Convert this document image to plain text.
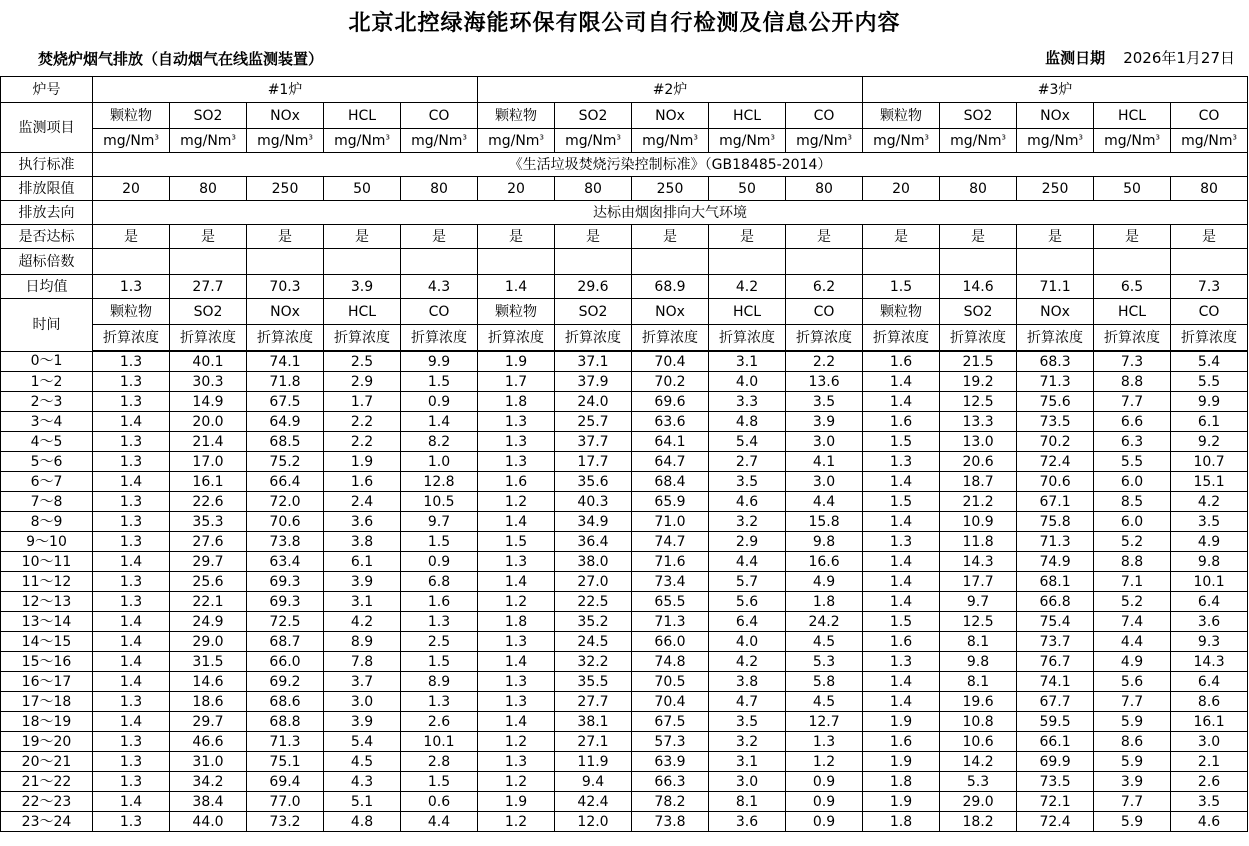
北京北控绿海能环保有限公司自行检测及信息公开内容
焚烧炉烟气排放（自动烟气在线监测装置）	监测日期 2026年1月27日
炉号	#1炉					#2炉					#3炉				
监测项目	颗粒物	SO2	NOx	HCL	CO	颗粒物	SO2	NOx	HCL	CO	颗粒物	SO2	NOx	HCL	CO
	mg/Nm$^3$	mg/Nm$^3$	mg/Nm$^3$	mg/Nm$^3$	mg/Nm$^3$	mg/Nm$^3$	mg/Nm$^3$	mg/Nm$^3$	mg/Nm$^3$	mg/Nm$^3$	mg/Nm$^3$	mg/Nm$^3$	mg/Nm$^3$	mg/Nm$^3$	mg/Nm$^3$
执行标准	《生活垃圾焚烧污染控制标准》（GB18485-2014）														
排放限值	20	80	250	50	80	20	80	250	50	80	20	80	250	50	80
排放去向	达标由烟囱排向大气环境														
是否达标	是	是	是	是	是	是	是	是	是	是	是	是	是	是	是
超标倍数															
日均值	1.3	27.7	70.3	3.9	4.3	1.4	29.6	68.9	4.2	6.2	1.5	14.6	71.1	6.5	7.3
时间	颗粒物	SO2	NOx	HCL	CO	颗粒物	SO2	NOx	HCL	CO	颗粒物	SO2	NOx	HCL	CO
	折算浓度	折算浓度	折算浓度	折算浓度	折算浓度	折算浓度	折算浓度	折算浓度	折算浓度	折算浓度	折算浓度	折算浓度	折算浓度	折算浓度	折算浓度
0～1	1.3	40.1	74.1	2.5	9.9	1.9	37.1	70.4	3.1	2.2	1.6	21.5	68.3	7.3	5.4
1～2	1.3	30.3	71.8	2.9	1.5	1.7	37.9	70.2	4.0	13.6	1.4	19.2	71.3	8.8	5.5
2～3	1.3	14.9	67.5	1.7	0.9	1.8	24.0	69.6	3.3	3.5	1.4	12.5	75.6	7.7	9.9
3～4	1.4	20.0	64.9	2.2	1.4	1.3	25.7	63.6	4.8	3.9	1.6	13.3	73.5	6.6	6.1
4～5	1.3	21.4	68.5	2.2	8.2	1.3	37.7	64.1	5.4	3.0	1.5	13.0	70.2	6.3	9.2
5～6	1.3	17.0	75.2	1.9	1.0	1.3	17.7	64.7	2.7	4.1	1.3	20.6	72.4	5.5	10.7
6～7	1.4	16.1	66.4	1.6	12.8	1.6	35.6	68.4	3.5	3.0	1.4	18.7	70.6	6.0	15.1
7～8	1.3	22.6	72.0	2.4	10.5	1.2	40.3	65.9	4.6	4.4	1.5	21.2	67.1	8.5	4.2
8～9	1.3	35.3	70.6	3.6	9.7	1.4	34.9	71.0	3.2	15.8	1.4	10.9	75.8	6.0	3.5
9～10	1.3	27.6	73.8	3.8	1.5	1.5	36.4	74.7	2.9	9.8	1.3	11.8	71.3	5.2	4.9
10～11	1.4	29.7	63.4	6.1	0.9	1.3	38.0	71.6	4.4	16.6	1.4	14.3	74.9	8.8	9.8
11～12	1.3	25.6	69.3	3.9	6.8	1.4	27.0	73.4	5.7	4.9	1.4	17.7	68.1	7.1	10.1
12～13	1.3	22.1	69.3	3.1	1.6	1.2	22.5	65.5	5.6	1.8	1.4	9.7	66.8	5.2	6.4
13～14	1.4	24.9	72.5	4.2	1.3	1.8	35.2	71.3	6.4	24.2	1.5	12.5	75.4	7.4	3.6
14～15	1.4	29.0	68.7	8.9	2.5	1.3	24.5	66.0	4.0	4.5	1.6	8.1	73.7	4.4	9.3
15～16	1.4	31.5	66.0	7.8	1.5	1.4	32.2	74.8	4.2	5.3	1.3	9.8	76.7	4.9	14.3
16～17	1.4	14.6	69.2	3.7	8.9	1.3	35.5	70.5	3.8	5.8	1.4	8.1	74.1	5.6	6.4
17～18	1.3	18.6	68.6	3.0	1.3	1.3	27.7	70.4	4.7	4.5	1.4	19.6	67.7	7.7	8.6
18～19	1.4	29.7	68.8	3.9	2.6	1.4	38.1	67.5	3.5	12.7	1.9	10.8	59.5	5.9	16.1
19～20	1.3	46.6	71.3	5.4	10.1	1.2	27.1	57.3	3.2	1.3	1.6	10.6	66.1	8.6	3.0
20～21	1.3	31.0	75.1	4.5	2.8	1.3	11.9	63.9	3.1	1.2	1.9	14.2	69.9	5.9	2.1
21～22	1.3	34.2	69.4	4.3	1.5	1.2	9.4	66.3	3.0	0.9	1.8	5.3	73.5	3.9	2.6
22～23	1.4	38.4	77.0	5.1	0.6	1.9	42.4	78.2	8.1	0.9	1.9	29.0	72.1	7.7	3.5
23～24	1.3	44.0	73.2	4.8	4.4	1.2	12.0	73.8	3.6	0.9	1.8	18.2	72.4	5.9	4.6
